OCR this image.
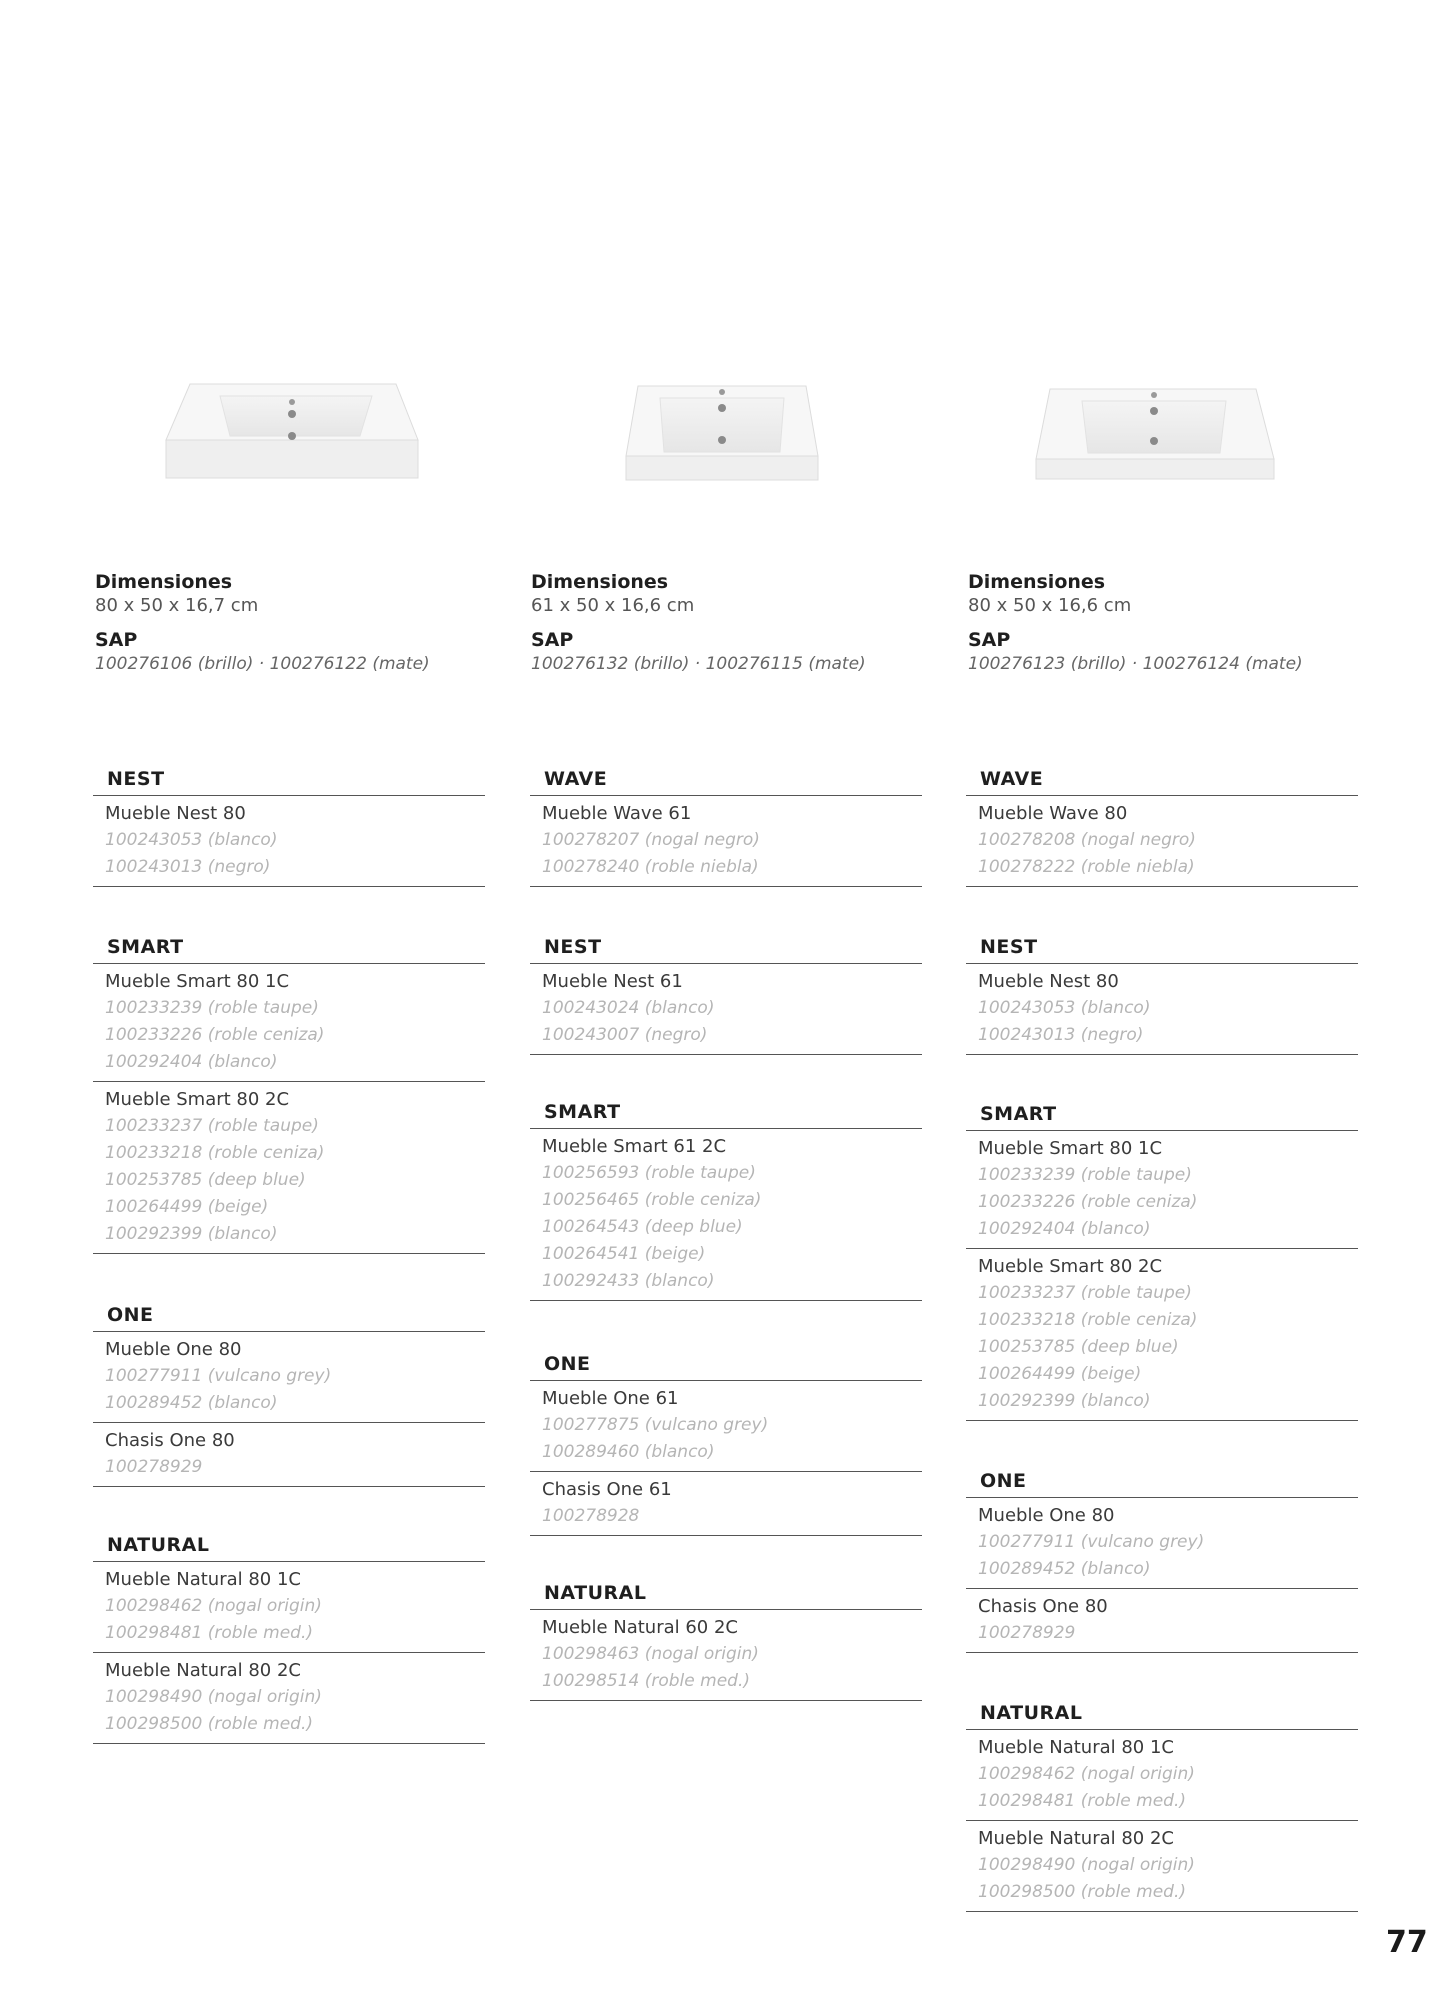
Dimensiones
80 x 50 x 16,7 cm
SAP
100276106 (brillo) · 100276122 (mate)
NEST
Mueble Nest 80
100243053 (blanco)
100243013 (negro)
SMART
Mueble Smart 80 1C
100233239 (roble taupe)
100233226 (roble ceniza)
100292404 (blanco)
Mueble Smart 80 2C
100233237 (roble taupe)
100233218 (roble ceniza)
100253785 (deep blue)
100264499 (beige)
100292399 (blanco)
ONE
Mueble One 80
100277911 (vulcano grey)
100289452 (blanco)
Chasis One 80
100278929
NATURAL
Mueble Natural 80 1C
100298462 (nogal origin)
100298481 (roble med.)
Mueble Natural 80 2C
100298490 (nogal origin)
100298500 (roble med.)
Dimensiones
61 x 50 x 16,6 cm
SAP
100276132 (brillo) · 100276115 (mate)
WAVE
Mueble Wave 61
100278207 (nogal negro)
100278240 (roble niebla)
NEST
Mueble Nest 61
100243024 (blanco)
100243007 (negro)
SMART
Mueble Smart 61 2C
100256593 (roble taupe)
100256465 (roble ceniza)
100264543 (deep blue)
100264541 (beige)
100292433 (blanco)
ONE
Mueble One 61
100277875 (vulcano grey)
100289460 (blanco)
Chasis One 61
100278928
NATURAL
Mueble Natural 60 2C
100298463 (nogal origin)
100298514 (roble med.)
Dimensiones
80 x 50 x 16,6 cm
SAP
100276123 (brillo) · 100276124 (mate)
WAVE
Mueble Wave 80
100278208 (nogal negro)
100278222 (roble niebla)
NEST
Mueble Nest 80
100243053 (blanco)
100243013 (negro)
SMART
Mueble Smart 80 1C
100233239 (roble taupe)
100233226 (roble ceniza)
100292404 (blanco)
Mueble Smart 80 2C
100233237 (roble taupe)
100233218 (roble ceniza)
100253785 (deep blue)
100264499 (beige)
100292399 (blanco)
ONE
Mueble One 80
100277911 (vulcano grey)
100289452 (blanco)
Chasis One 80
100278929
NATURAL
Mueble Natural 80 1C
100298462 (nogal origin)
100298481 (roble med.)
Mueble Natural 80 2C
100298490 (nogal origin)
100298500 (roble med.)
77
